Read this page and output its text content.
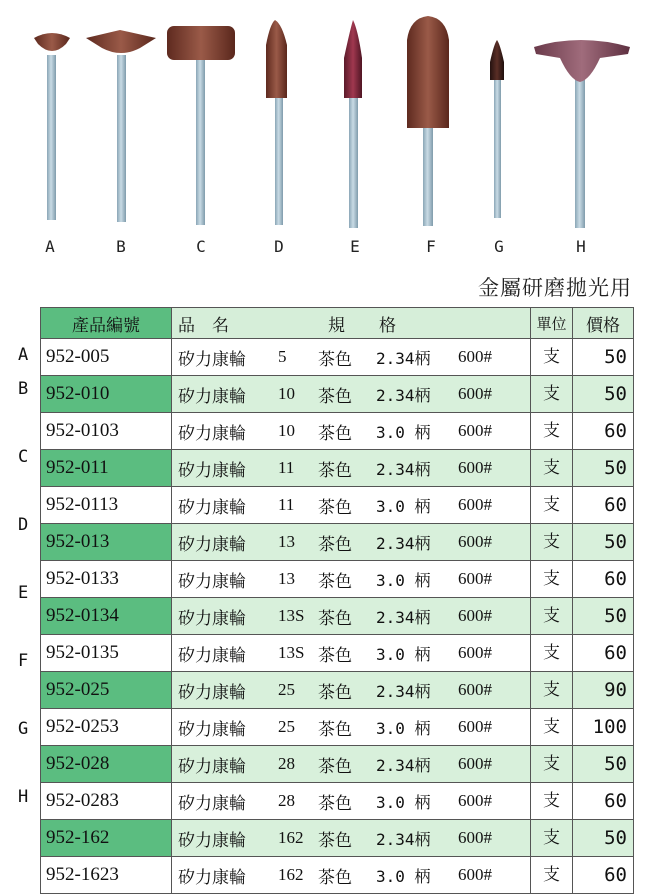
A	B	C	D	E	F	G	H
金屬研磨拋光用
A
B
C
D
E
F
G
H
產品編號	品　名 規　　格	單位	價格
952-005	矽力康輪 5 茶色 2.34柄 600#	支	50
952-010	矽力康輪 10 茶色 2.34柄 600#	支	50
952-0103	矽力康輪 10 茶色 3.0 柄 600#	支	60
952-011	矽力康輪 11 茶色 2.34柄 600#	支	50
952-0113	矽力康輪 11 茶色 3.0 柄 600#	支	60
952-013	矽力康輪 13 茶色 2.34柄 600#	支	50
952-0133	矽力康輪 13 茶色 3.0 柄 600#	支	60
952-0134	矽力康輪 13S 茶色 2.34柄 600#	支	50
952-0135	矽力康輪 13S 茶色 3.0 柄 600#	支	60
952-025	矽力康輪 25 茶色 2.34柄 600#	支	90
952-0253	矽力康輪 25 茶色 3.0 柄 600#	支	100
952-028	矽力康輪 28 茶色 2.34柄 600#	支	50
952-0283	矽力康輪 28 茶色 3.0 柄 600#	支	60
952-162	矽力康輪 162 茶色 2.34柄 600#	支	50
952-1623	矽力康輪 162 茶色 3.0 柄 600#	支	60
